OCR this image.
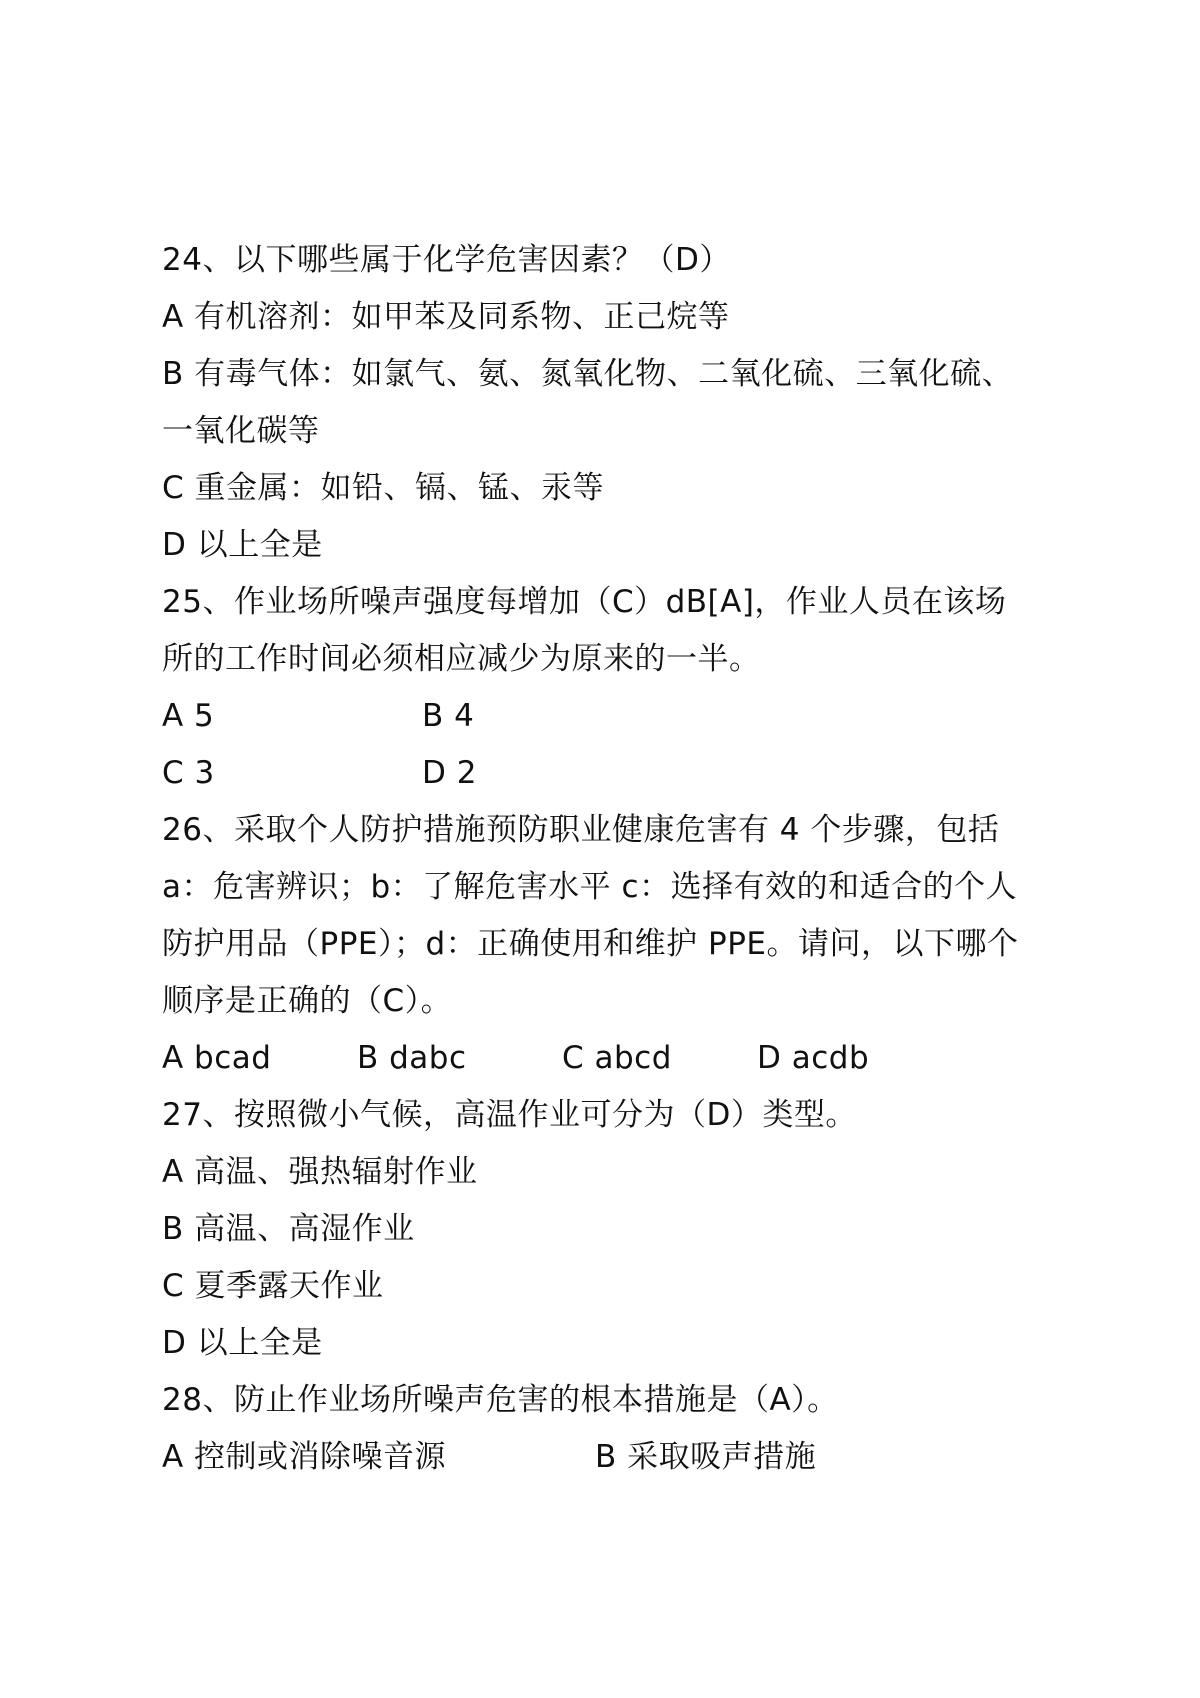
24、以下哪些属于化学危害因素？（D）
A 有机溶剂：如甲苯及同系物、正己烷等
B 有毒气体：如氯气、氨、氮氧化物、二氧化硫、三氧化硫、
一氧化碳等
C 重金属：如铅、镉、锰、汞等
D 以上全是
25、作业场所噪声强度每增加（C）dB[A]，作业人员在该场
所的工作时间必须相应减少为原来的一半。
A 5	B 4
C 3	D 2
26、采取个人防护措施预防职业健康危害有 4 个步骤，包括
a：危害辨识；b：了解危害水平 c：选择有效的和适合的个人
防护用品（PPE）；d：正确使用和维护 PPE。请问，以下哪个
顺序是正确的（C）。
A bcad	B dabc	C abcd	D acdb
27、按照微小气候，高温作业可分为（D）类型。
A 高温、强热辐射作业
B 高温、高湿作业
C 夏季露天作业
D 以上全是
28、防止作业场所噪声危害的根本措施是（A）。
A 控制或消除噪音源	B 采取吸声措施
